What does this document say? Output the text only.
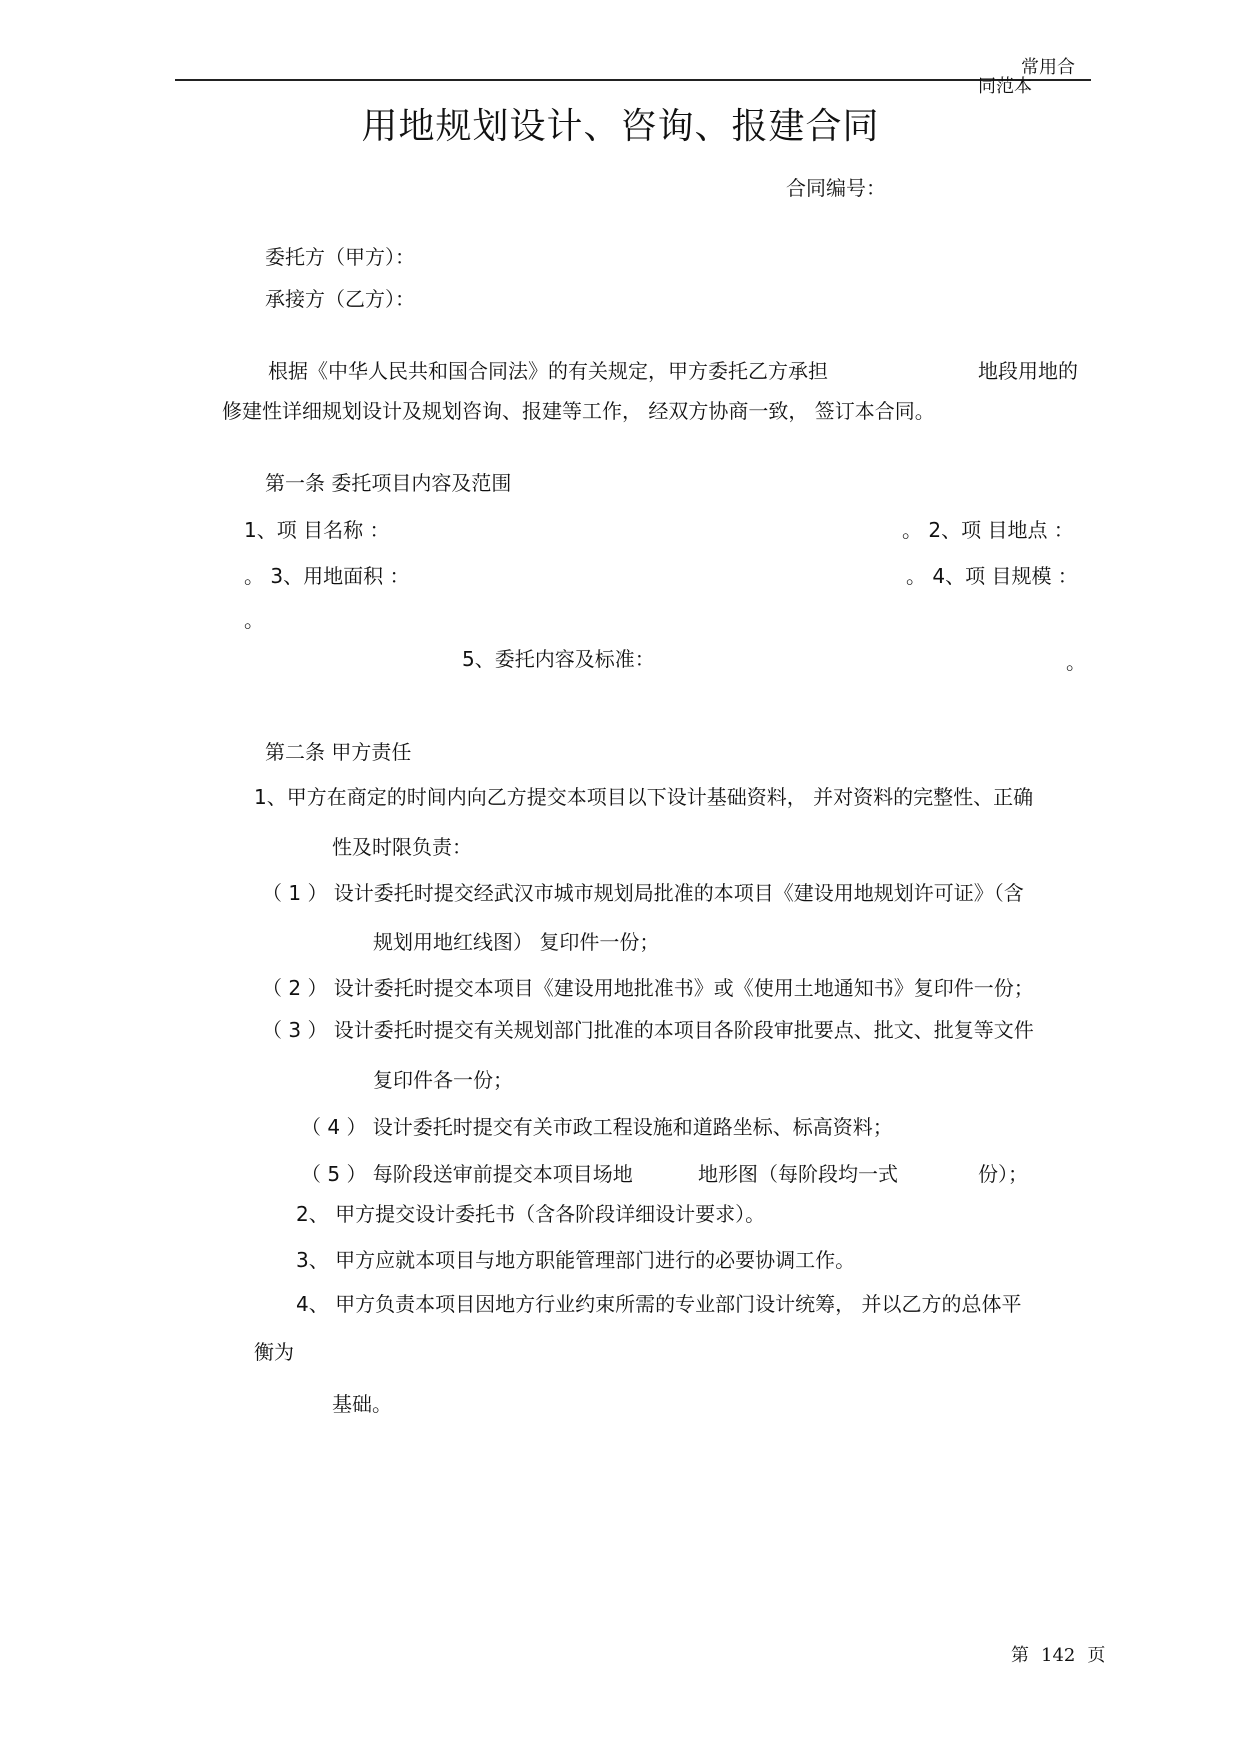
常用合
同范本
用地规划设计、咨询、报建合同
合同编号：
委托方（甲方）：
承接方（乙方）：
根据《中华人民共和国合同法》的有关规定，甲方委托乙方承担	地段用地的
修建性详细规划设计及规划咨询、报建等工作， 经双方协商一致， 签订本合同。
第一条 委托项目内容及范围
1、项 目名称 ：	。 2、项 目地点 ：
。 3、用地面积 ：	。 4、项 目规模 ：
。
5、委托内容及标准：	。
第二条 甲方责任
1、甲方在商定的时间内向乙方提交本项目以下设计基础资料， 并对资料的完整性、正确
性及时限负责：
（ 1 ） 设计委托时提交经武汉市城市规划局批准的本项目《建设用地规划许可证》（含
规划用地红线图） 复印件一份；
（ 2 ） 设计委托时提交本项目《建设用地批准书》或《使用土地通知书》复印件一份；
（ 3 ） 设计委托时提交有关规划部门批准的本项目各阶段审批要点、批文、批复等文件
复印件各一份；
（ 4 ） 设计委托时提交有关市政工程设施和道路坐标、标高资料；
（ 5 ） 每阶段送审前提交本项目场地	地形图（每阶段均一式	份）；
2、 甲方提交设计委托书（含各阶段详细设计要求）。
3、 甲方应就本项目与地方职能管理部门进行的必要协调工作。
4、 甲方负责本项目因地方行业约束所需的专业部门设计统筹， 并以乙方的总体平
衡为
基础。
第 142 页
